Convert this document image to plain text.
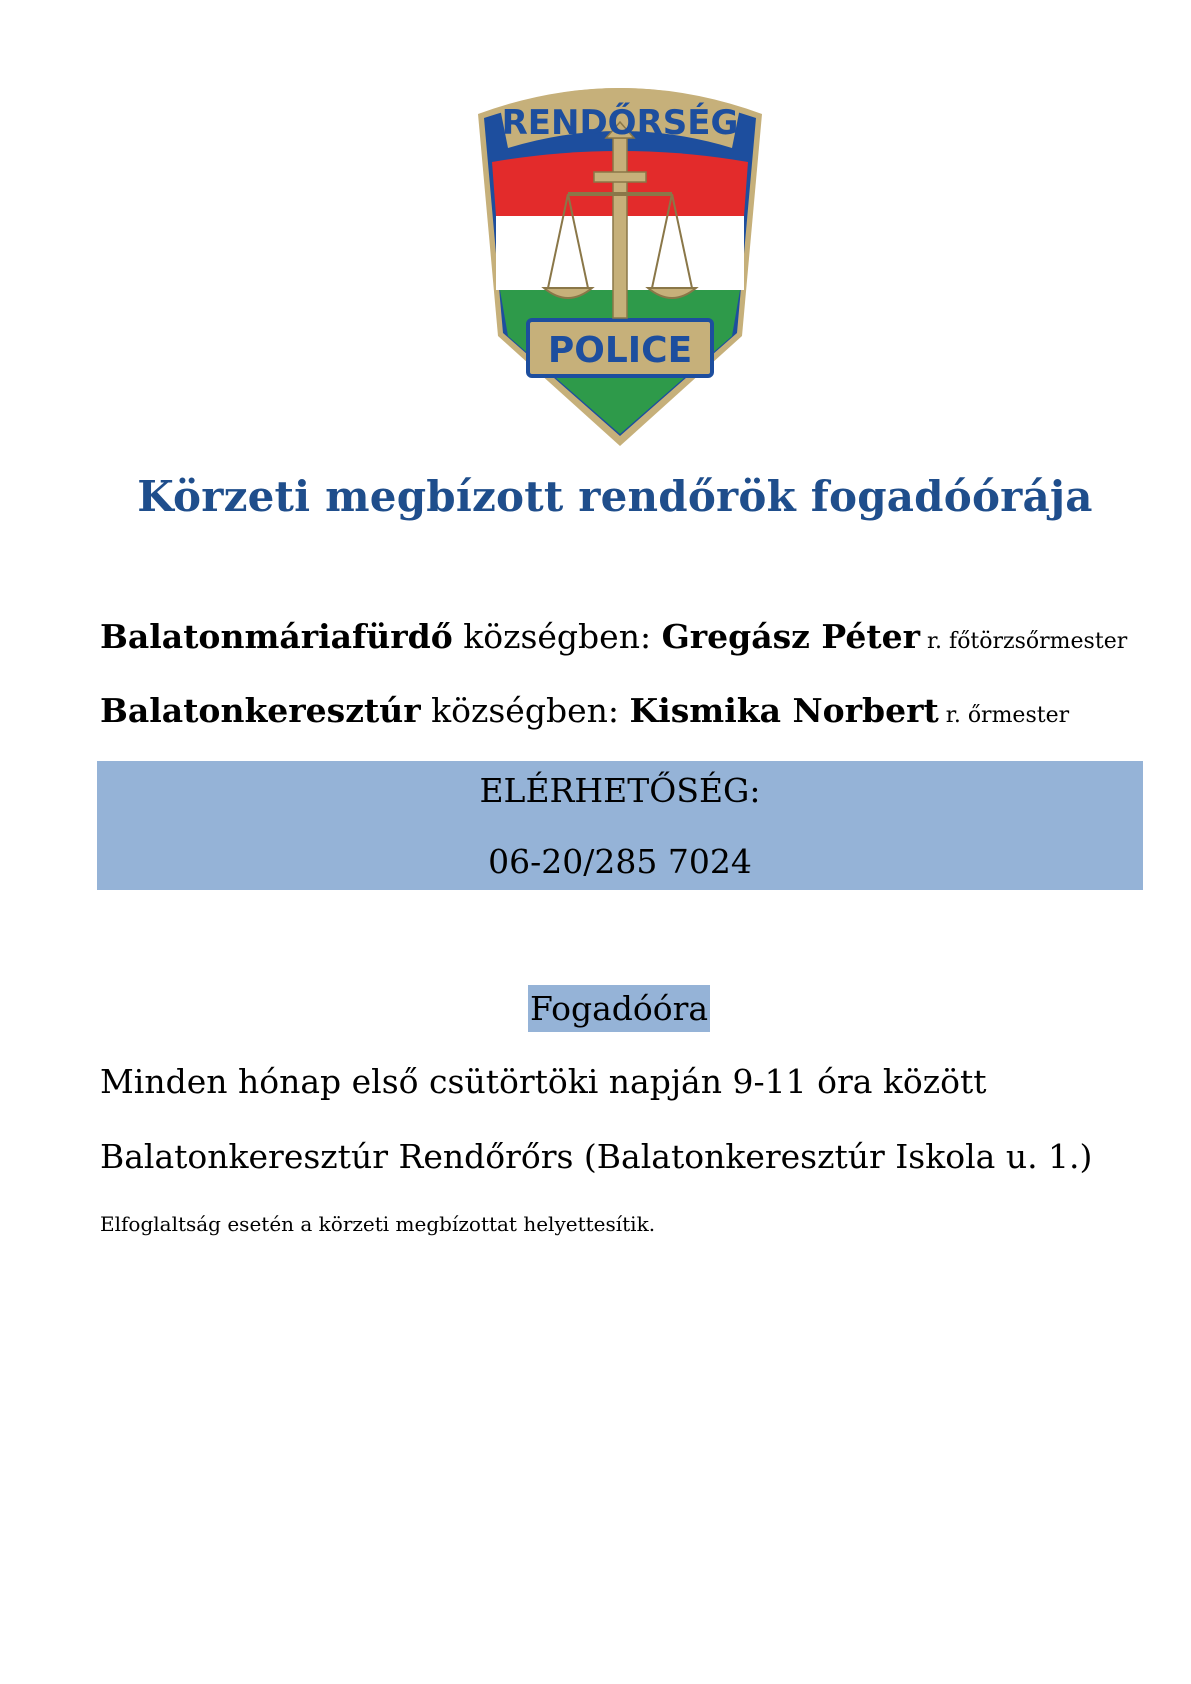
RENDŐRSÉG
POLICE
Körzeti megbízott rendőrök fogadóórája
Balatonmáriafürdő községben: Gregász Péter r. főtörzsőrmester
Balatonkeresztúr községben: Kismika Norbert r. őrmester
ELÉRHETŐSÉG:
06-20/285 7024
Fogadóóra
Minden hónap első csütörtöki napján 9-11 óra között
Balatonkeresztúr Rendőrőrs (Balatonkeresztúr Iskola u. 1.)
Elfoglaltság esetén a körzeti megbízottat helyettesítik.
